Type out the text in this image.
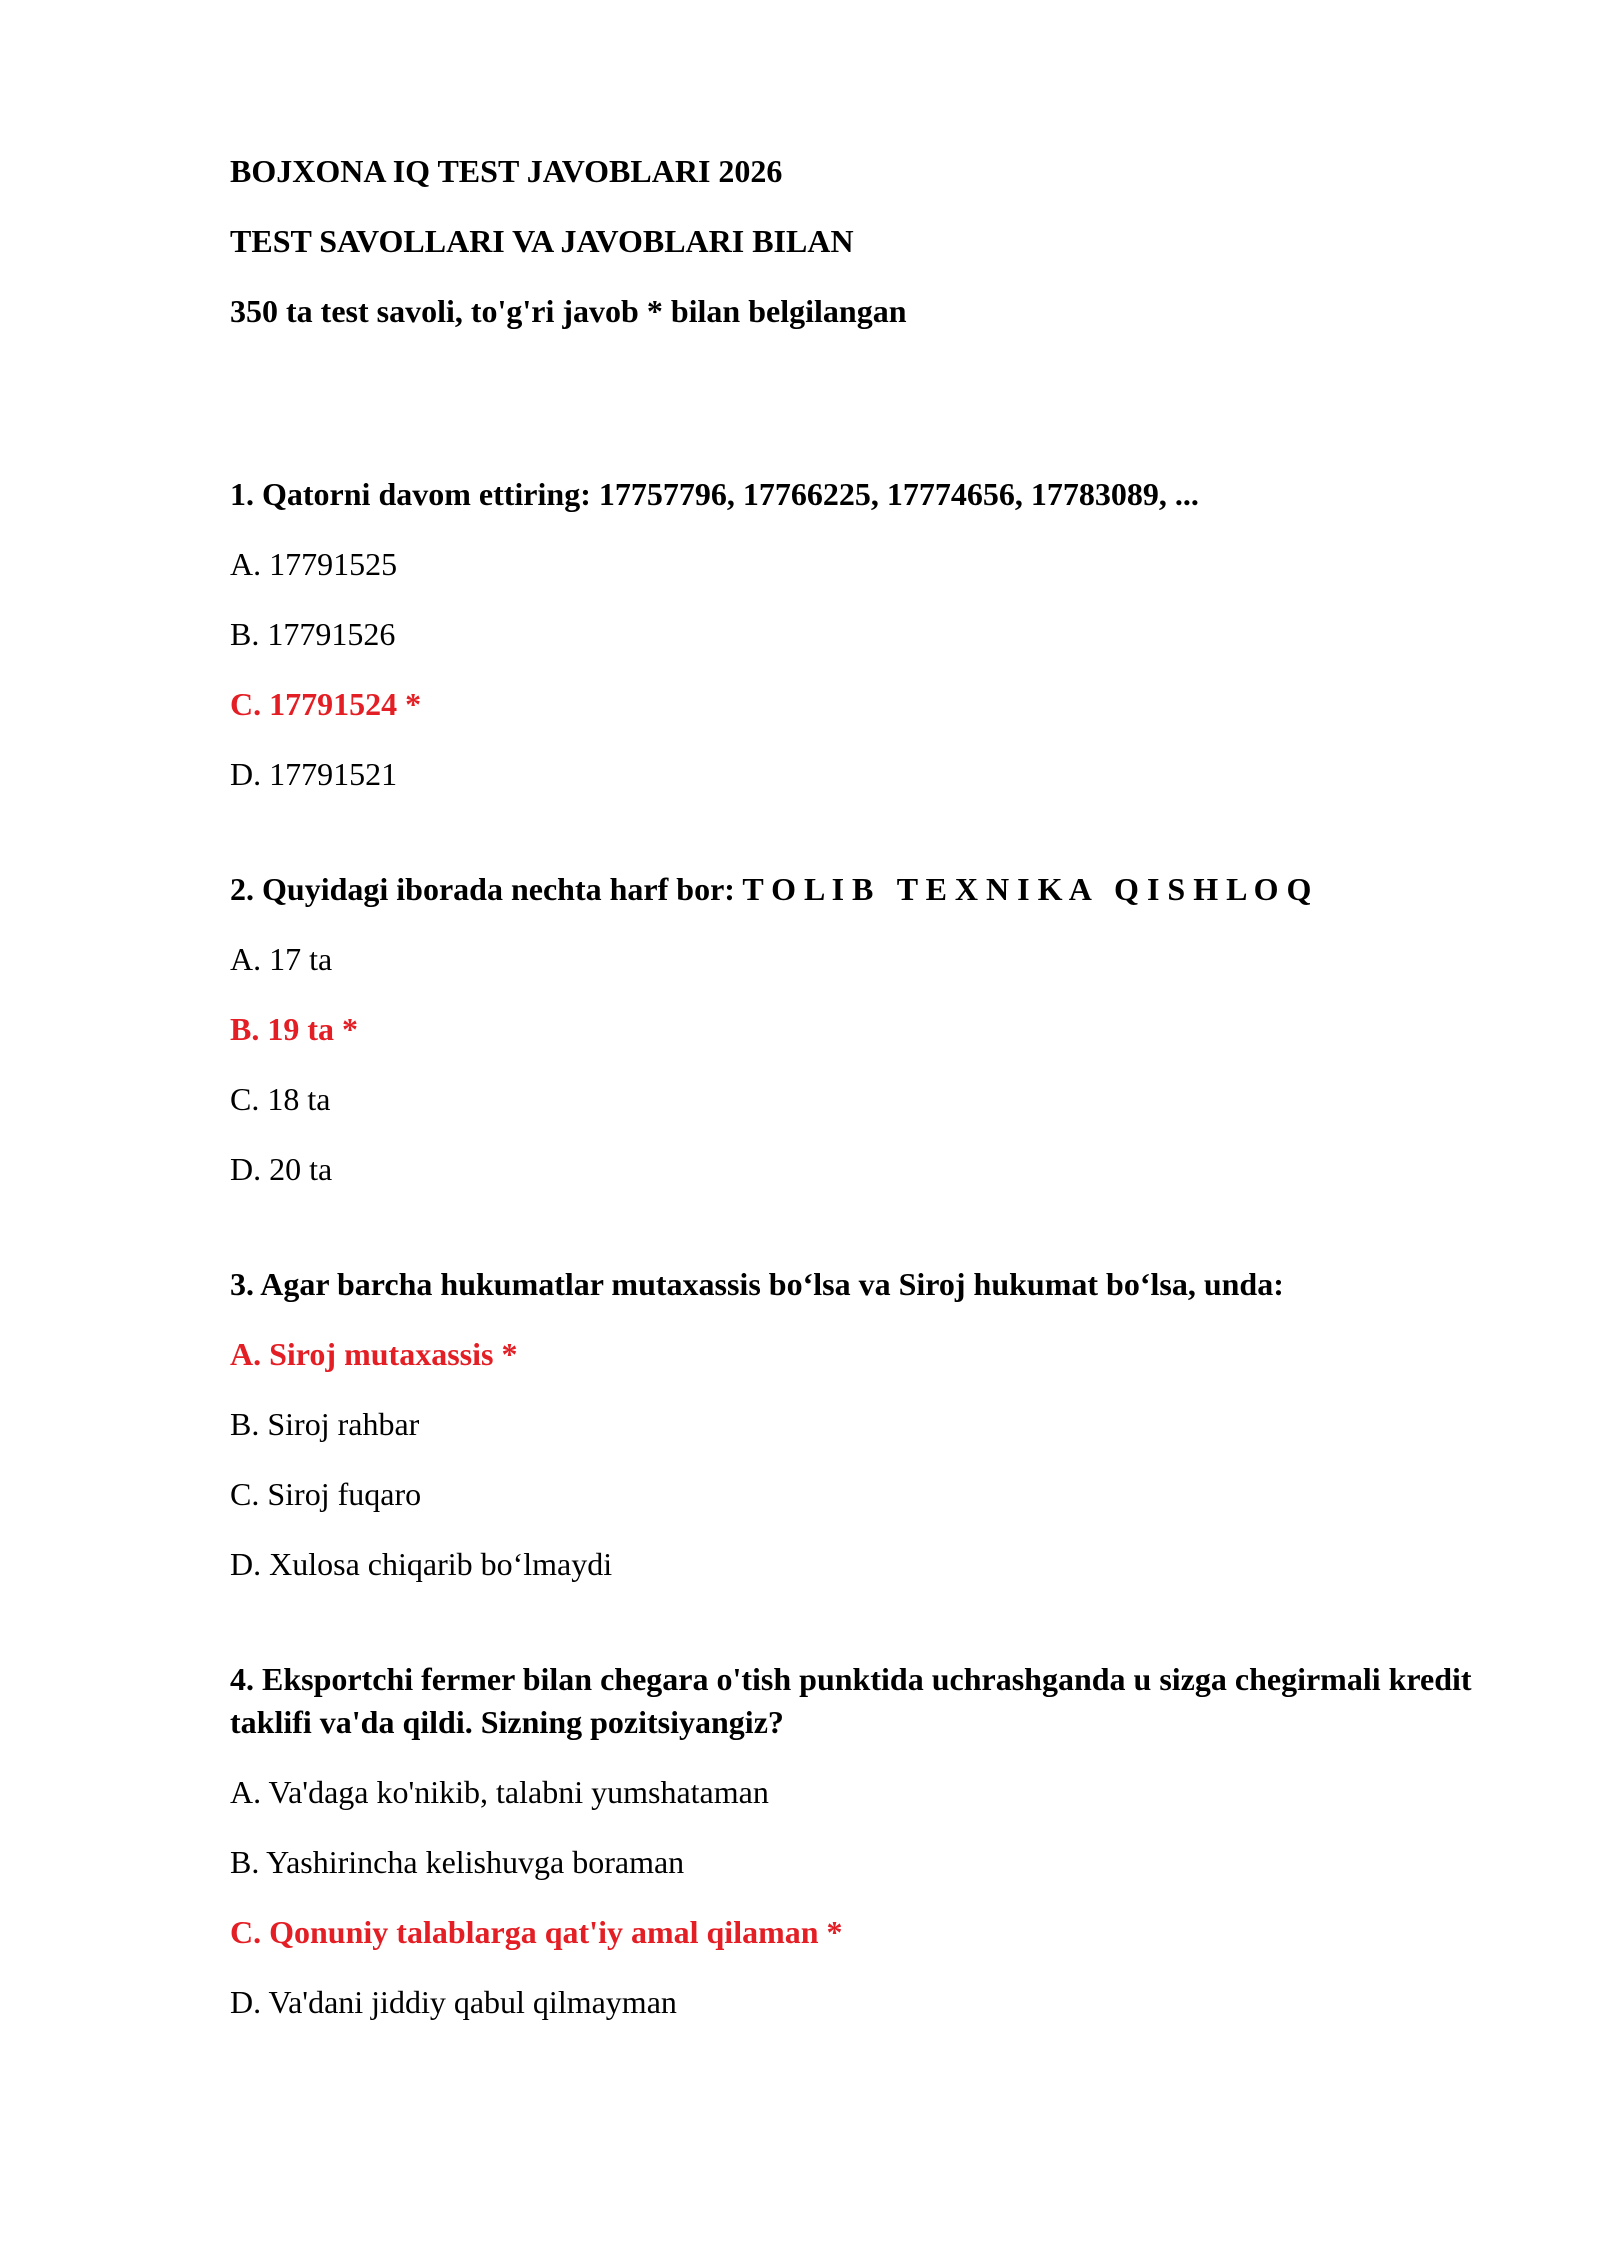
BOJXONA IQ TEST JAVOBLARI 2026
TEST SAVOLLARI VA JAVOBLARI BILAN
350 ta test savoli, to'g'ri javob * bilan belgilangan
1. Qatorni davom ettiring: 17757796, 17766225, 17774656, 17783089, ...
A. 17791525
B. 17791526
C. 17791524 *
D. 17791521
2. Quyidagi iborada nechta harf bor: T O L I B   T E X N I K A   Q I S H L O Q
A. 17 ta
B. 19 ta *
C. 18 ta
D. 20 ta
3. Agar barcha hukumatlar mutaxassis bo‘lsa va Siroj hukumat bo‘lsa, unda:
A. Siroj mutaxassis *
B. Siroj rahbar
C. Siroj fuqaro
D. Xulosa chiqarib bo‘lmaydi
4. Eksportchi fermer bilan chegara o'tish punktida uchrashganda u sizga chegirmali kredit taklifi va'da qildi. Sizning pozitsiyangiz?
A. Va'daga ko'nikib, talabni yumshataman
B. Yashirincha kelishuvga boraman
C. Qonuniy talablarga qat'iy amal qilaman *
D. Va'dani jiddiy qabul qilmayman
